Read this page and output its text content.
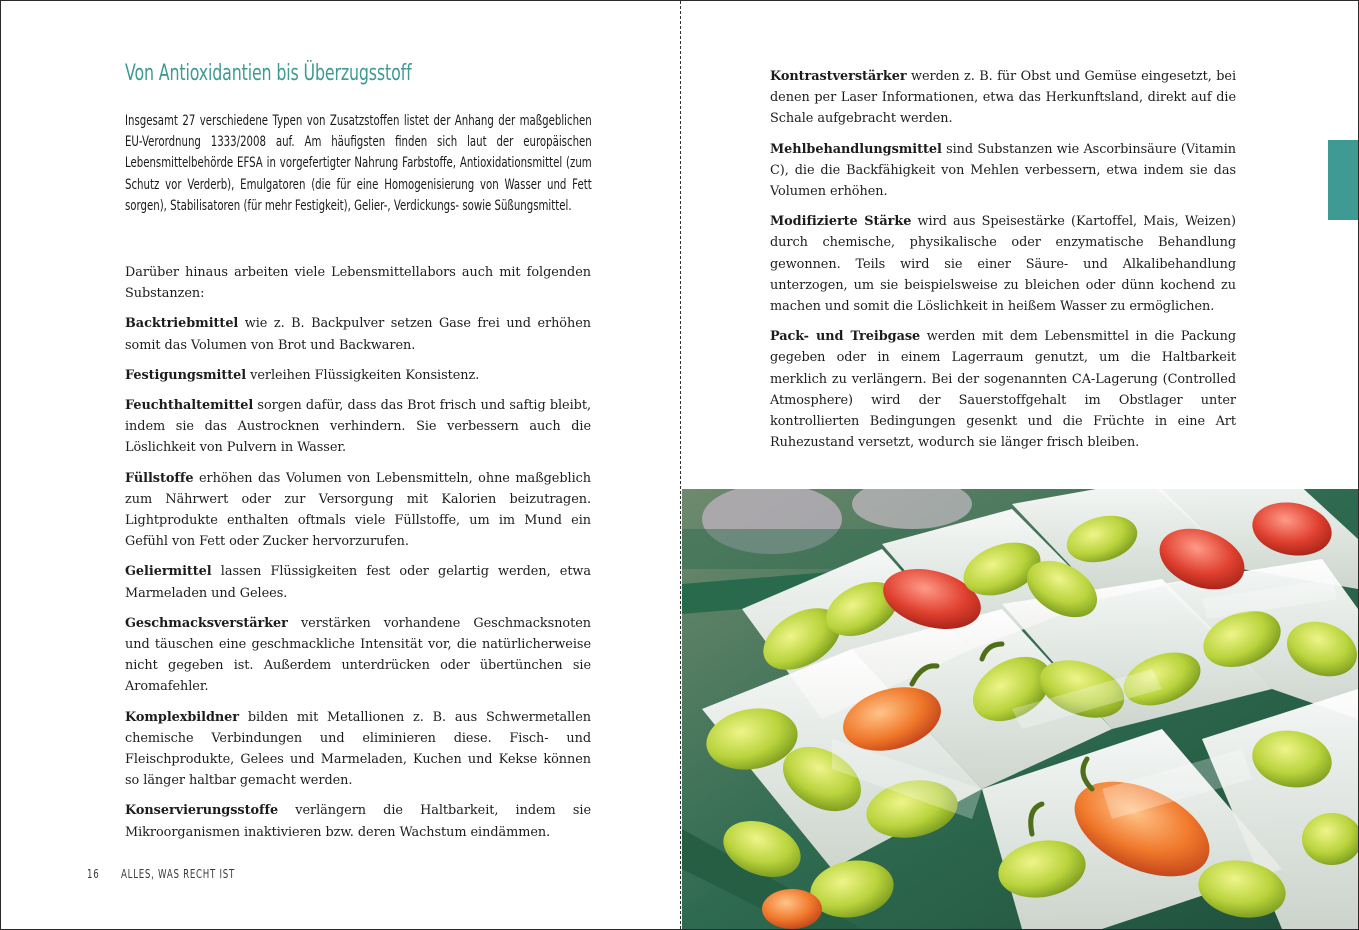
Von Antioxidantien bis Überzugsstoff

Insgesamt 27 verschiedene Typen von Zusatzstoffen listet der Anhang der maßgeblichen EU-Verordnung 1333/2008 auf. Am häufigsten finden sich laut der europäischen Lebensmittelbehörde EFSA in vorgefertigter Nahrung Farbstoffe, Antioxidationsmittel (zum Schutz vor Verderb), Emulgatoren (die für eine Homogenisierung von Wasser und Fett sorgen), Stabilisatoren (für mehr Festigkeit), Gelier-, Verdickungs- sowie Süßungsmittel.

Darüber hinaus arbeiten viele Lebensmittellabors auch mit folgenden Substanzen:

Backtriebmittel wie z. B. Backpulver setzen Gase frei und erhöhen somit das Volumen von Brot und Backwaren.

Festigungsmittel verleihen Flüssigkeiten Konsistenz.

Feuchthaltemittel sorgen dafür, dass das Brot frisch und saftig bleibt, indem sie das Austrocknen verhindern. Sie verbessern auch die Löslichkeit von Pulvern in Wasser.

Füllstoffe erhöhen das Volumen von Lebensmitteln, ohne maßgeblich zum Nährwert oder zur Versorgung mit Kalorien beizutragen. Lightprodukte enthalten oftmals viele Füllstoffe, um im Mund ein Gefühl von Fett oder Zucker hervorzurufen.

Geliermittel lassen Flüssigkeiten fest oder gelartig werden, etwa Marmeladen und Gelees.

Geschmacksverstärker verstärken vorhandene Geschmacksnoten und täuschen eine geschmackliche Intensität vor, die natürlicherweise nicht gegeben ist. Außerdem unterdrücken oder übertünchen sie Aromafehler.

Komplexbildner bilden mit Metallionen z. B. aus Schwermetallen chemische Verbindungen und eliminieren diese. Fisch- und Fleischprodukte, Gelees und Marmeladen, Kuchen und Kekse können so länger haltbar gemacht werden.

Konservierungsstoffe verlängern die Haltbarkeit, indem sie Mikroorganismen inaktivieren bzw. deren Wachstum eindämmen.

16 ALLES, WAS RECHT IST

Kontrastverstärker werden z. B. für Obst und Gemüse eingesetzt, bei denen per Laser Informationen, etwa das Herkunftsland, direkt auf die Schale aufgebracht werden.

Mehlbehandlungsmittel sind Substanzen wie Ascorbinsäure (Vitamin C), die die Backfähigkeit von Mehlen verbessern, etwa indem sie das Volumen erhöhen.

Modifizierte Stärke wird aus Speisestärke (Kartoffel, Mais, Weizen) durch chemische, physikalische oder enzymatische Behandlung gewonnen. Teils wird sie einer Säure- und Alkalibehandlung unterzogen, um sie beispielsweise zu bleichen oder dünn kochend zu machen und somit die Löslichkeit in heißem Wasser zu ermöglichen.

Pack- und Treibgase werden mit dem Lebensmittel in die Packung gegeben oder in einem Lagerraum genutzt, um die Haltbarkeit merklich zu verlängern. Bei der sogenannten CA-Lagerung (Controlled Atmosphere) wird der Sauerstoffgehalt im Obstlager unter kontrollierten Bedingungen gesenkt und die Früchte in eine Art Ruhezustand versetzt, wodurch sie länger frisch bleiben.
